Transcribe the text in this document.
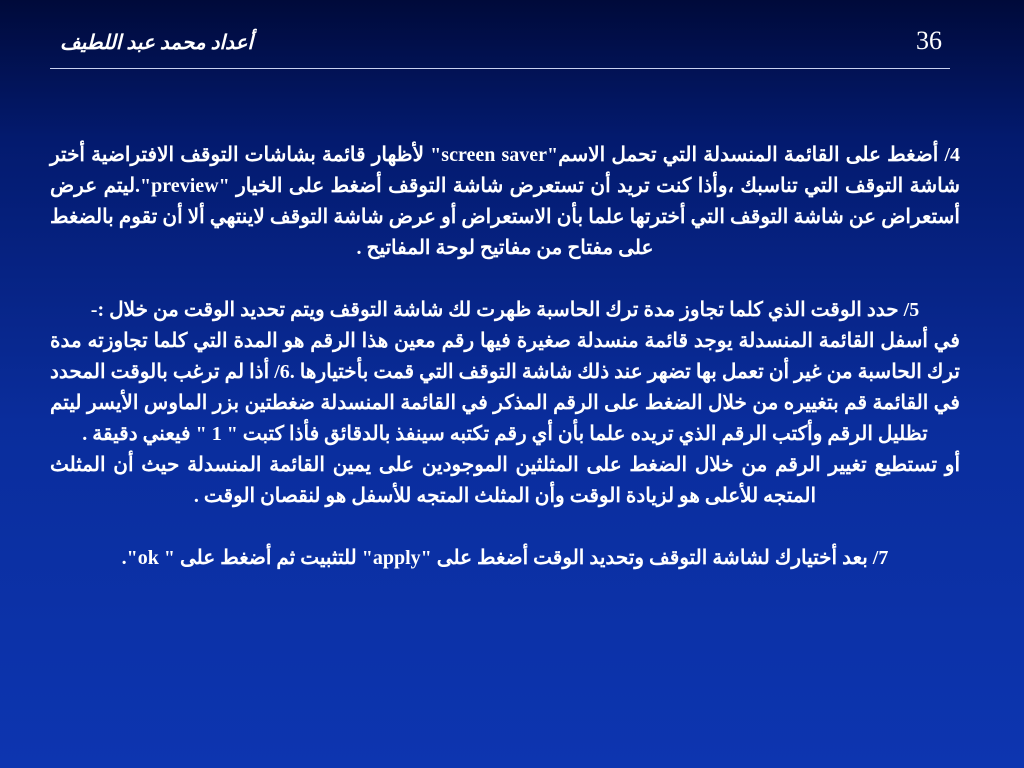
أعداد محمد عبد اللطيف	36

4/ أضغط على القائمة المنسدلة التي تحمل الاسم"screen saver" لأظهار قائمة بشاشات التوقف الافتراضية أختر شاشة التوقف التي تناسبك ،وأذا كنت تريد أن تستعرض شاشة التوقف أضغط على الخيار "preview".ليتم عرض أستعراض عن شاشة التوقف التي أخترتها علما بأن الاستعراض أو عرض شاشة التوقف لاينتهي ألا أن تقوم بالضغط على مفتاح من مفاتيح لوحة المفاتيح .

5/ حدد الوقت الذي كلما تجاوز مدة ترك الحاسبة ظهرت لك شاشة التوقف ويتم تحديد الوقت من خلال :-

في أسفل القائمة المنسدلة يوجد قائمة منسدلة صغيرة فيها رقم معين هذا الرقم هو المدة التي كلما تجاوزته مدة ترك الحاسبة من غير أن تعمل بها تضهر عند ذلك شاشة التوقف التي قمت بأختيارها .6/ أذا لم ترغب بالوقت المحدد في القائمة قم بتغييره من خلال الضغط على الرقم المذكر في القائمة المنسدلة ضغطتين بزر الماوس الأيسر ليتم تظليل الرقم وأكتب الرقم الذي تريده علما بأن أي رقم تكتبه سينفذ بالدقائق فأذا كتبت " 1 " فيعني دقيقة .

أو تستطيع تغيير الرقم من خلال الضغط على المثلثين الموجودين على يمين القائمة المنسدلة حيث أن المثلث المتجه للأعلى هو لزيادة الوقت وأن المثلث المتجه للأسفل هو لنقصان الوقت .

7/ بعد أختيارك لشاشة التوقف وتحديد الوقت أضغط على "apply" للتثبيت ثم أضغط على " ok".
